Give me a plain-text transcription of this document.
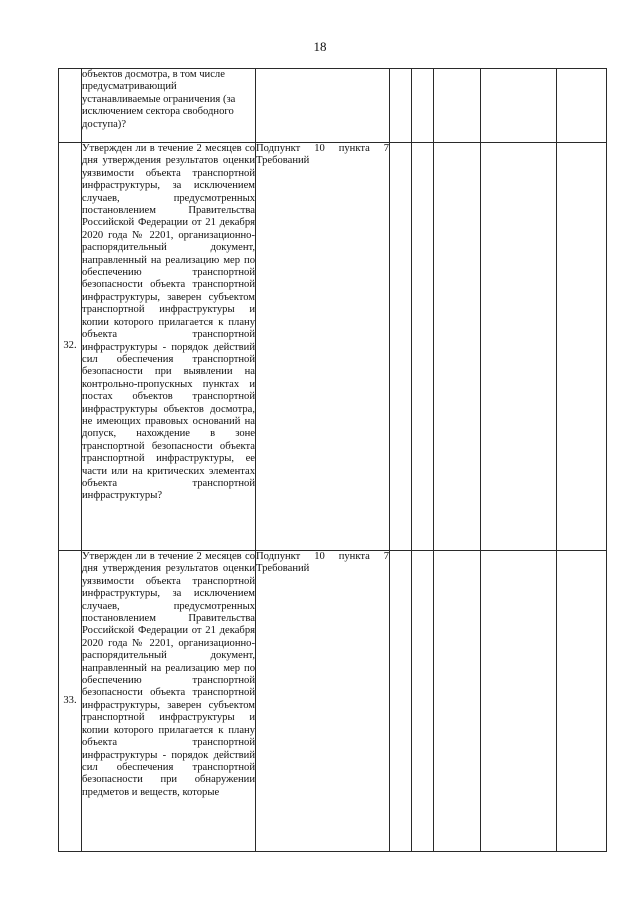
18
	объектов досмотра, в том числе предусматривающий устанавливаемые ограничения (за исключением сектора свободного доступа)?						
32.	Утвержден ли в течение 2 месяцев со дня утверждения результатов оценки уязвимости объекта транспортной инфраструктуры, за исключением случаев, предусмотренных постановлением Правительства Российской Федерации от 21 декабря 2020 года № 2201, организационно-распорядительный документ, направленный на реализацию мер по обеспечению транспортной безопасности объекта транспортной инфраструктуры, заверен субъектом транспортной инфраструктуры и копии которого прилагается к плану объекта транспортной инфраструктуры - порядок действий сил обеспечения транспортной безопасности при выявлении на контрольно-пропускных пунктах и постах объектов транспортной инфраструктуры объектов досмотра, не имеющих правовых оснований на допуск, нахождение в зоне транспортной безопасности объекта транспортной инфраструктуры, ее части или на критических элементах объекта транспортной инфраструктуры?	Подпункт 10 пункта 7 Требований					
33.	Утвержден ли в течение 2 месяцев со дня утверждения результатов оценки уязвимости объекта транспортной инфраструктуры, за исключением случаев, предусмотренных постановлением Правительства Российской Федерации от 21 декабря 2020 года № 2201, организационно-распорядительный документ, направленный на реализацию мер по обеспечению транспортной безопасности объекта транспортной инфраструктуры, заверен субъектом транспортной инфраструктуры и копии которого прилагается к плану объекта транспортной инфраструктуры - порядок действий сил обеспечения транспортной безопасности при обнаружении предметов и веществ, которые	Подпункт 10 пункта 7 Требований					
